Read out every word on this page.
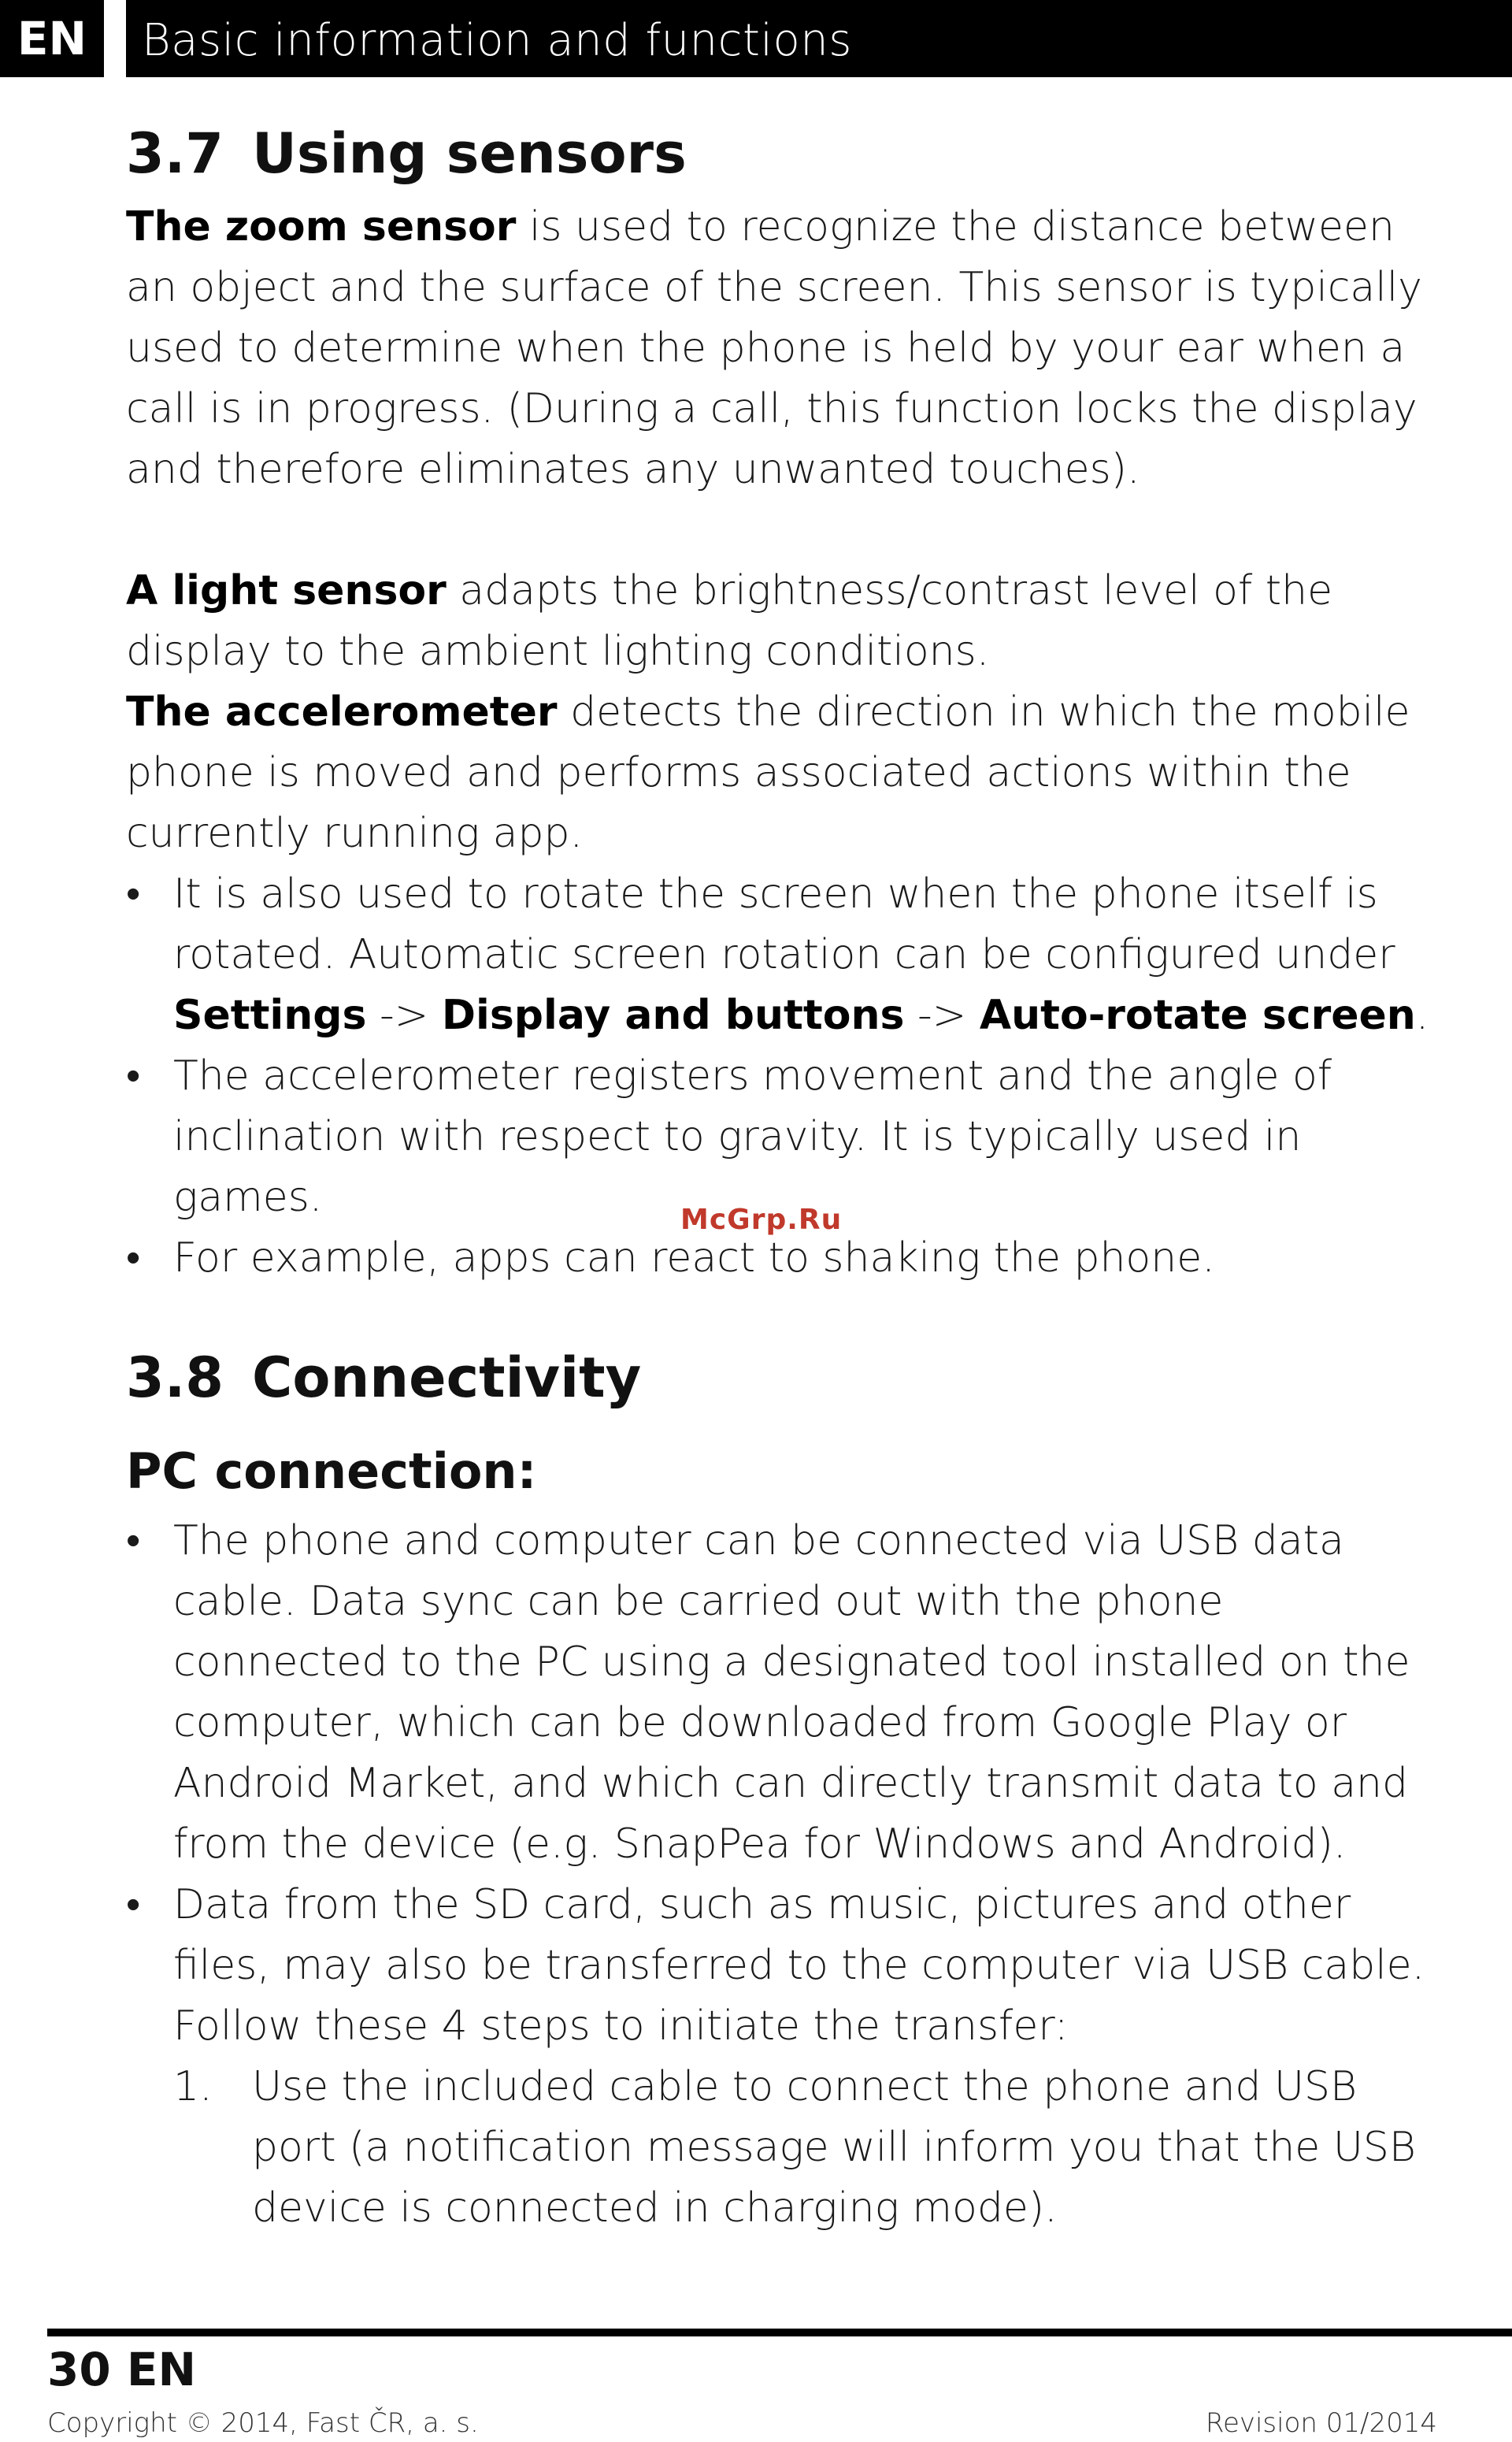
EN	Basic information and functions
3.7 Using sensors

The zoom sensor is used to recognize the distance between an object and the surface of the screen. This sensor is typically used to determine when the phone is held by your ear when a call is in progress. (During a call, this function locks the display and therefore eliminates any unwanted touches).

A light sensor adapts the brightness/contrast level of the display to the ambient lighting conditions.

The accelerometer detects the direction in which the mobile phone is moved and performs associated actions within the currently running app.

• It is also used to rotate the screen when the phone itself is rotated. Automatic screen rotation can be configured under Settings -> Display and buttons -> Auto-rotate screen.
• The accelerometer registers movement and the angle of inclination with respect to gravity. It is typically used in games.
• For example, apps can react to shaking the phone.
3.8 Connectivity
PC connection:
• The phone and computer can be connected via USB data cable. Data sync can be carried out with the phone connected to the PC using a designated tool installed on the computer, which can be downloaded from Google Play or Android Market, and which can directly transmit data to and from the device (e.g. SnapPea for Windows and Android).
• Data from the SD card, such as music, pictures and other files, may also be transferred to the computer via USB cable. Follow these 4 steps to initiate the transfer:
1. Use the included cable to connect the phone and USB port (a notification message will inform you that the USB device is connected in charging mode).
McGrp.Ru
30 EN
Copyright © 2014, Fast ČR, a. s.	Revision 01/2014
